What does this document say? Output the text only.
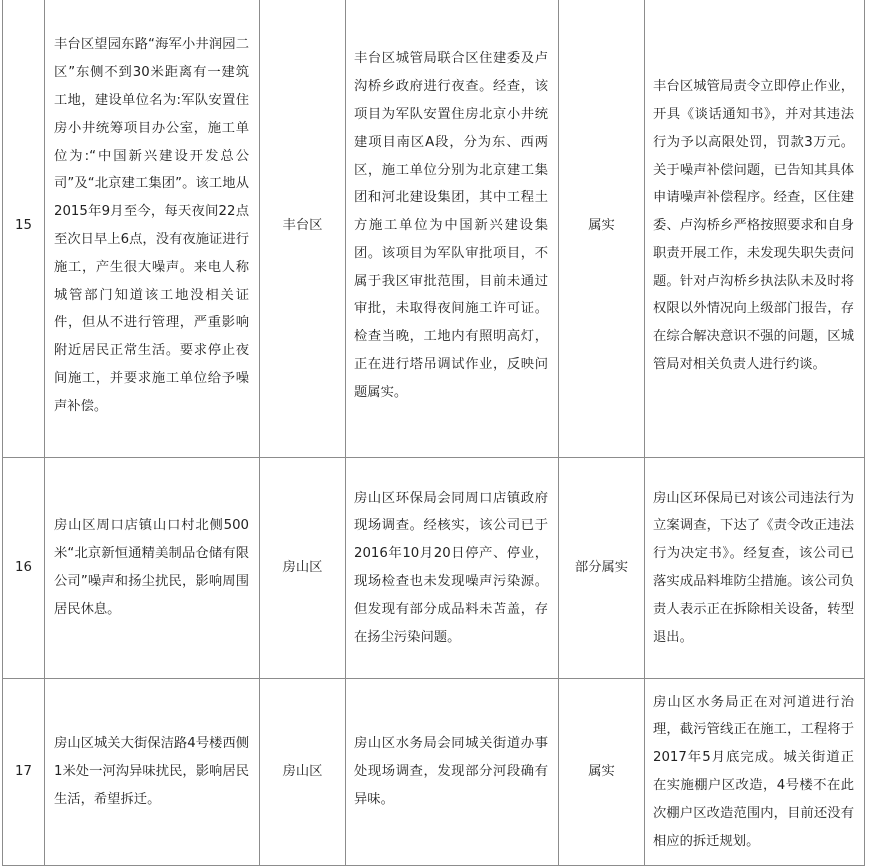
15	丰台区望园东路“海军小井润园二区”东侧不到30米距离有一建筑工地，建设单位名为:军队安置住房小井统筹项目办公室，施工单位为:“中国新兴建设开发总公司”及“北京建工集团”。该工地从2015年9月至今，每天夜间22点至次日早上6点，没有夜施证进行施工，产生很大噪声。来电人称城管部门知道该工地没相关证件，但从不进行管理，严重影响附近居民正常生活。要求停止夜间施工，并要求施工单位给予噪声补偿。	丰台区	丰台区城管局联合区住建委及卢沟桥乡政府进行夜查。经查，该项目为军队安置住房北京小井统建项目南区A段，分为东、西两区，施工单位分别为北京建工集团和河北建设集团，其中工程土方施工单位为中国新兴建设集团。该项目为军队审批项目，不属于我区审批范围，目前未通过审批，未取得夜间施工许可证。检查当晚，工地内有照明高灯，正在进行塔吊调试作业，反映问题属实。	属实	丰台区城管局责令立即停止作业，开具《谈话通知书》，并对其违法行为予以高限处罚，罚款3万元。关于噪声补偿问题，已告知其具体申请噪声补偿程序。经查，区住建委、卢沟桥乡严格按照要求和自身职责开展工作，未发现失职失责问题。针对卢沟桥乡执法队未及时将权限以外情况向上级部门报告，存在综合解决意识不强的问题，区城管局对相关负责人进行约谈。

16	房山区周口店镇山口村北侧500米“北京新恒通精美制品仓储有限公司”噪声和扬尘扰民，影响周围居民休息。	房山区	房山区环保局会同周口店镇政府现场调查。经核实，该公司已于2016年10月20日停产、停业，现场检查也未发现噪声污染源。但发现有部分成品料未苫盖，存在扬尘污染问题。	部分属实	房山区环保局已对该公司违法行为立案调查，下达了《责令改正违法行为决定书》。经复查，该公司已落实成品料堆防尘措施。该公司负责人表示正在拆除相关设备，转型退出。

17	房山区城关大街保洁路4号楼西侧1米处一河沟异味扰民，影响居民生活，希望拆迁。	房山区	房山区水务局会同城关街道办事处现场调查，发现部分河段确有异味。	属实	房山区水务局正在对河道进行治理，截污管线正在施工，工程将于2017年5月底完成。城关街道正在实施棚户区改造，4号楼不在此次棚户区改造范围内，目前还没有相应的拆迁规划。
